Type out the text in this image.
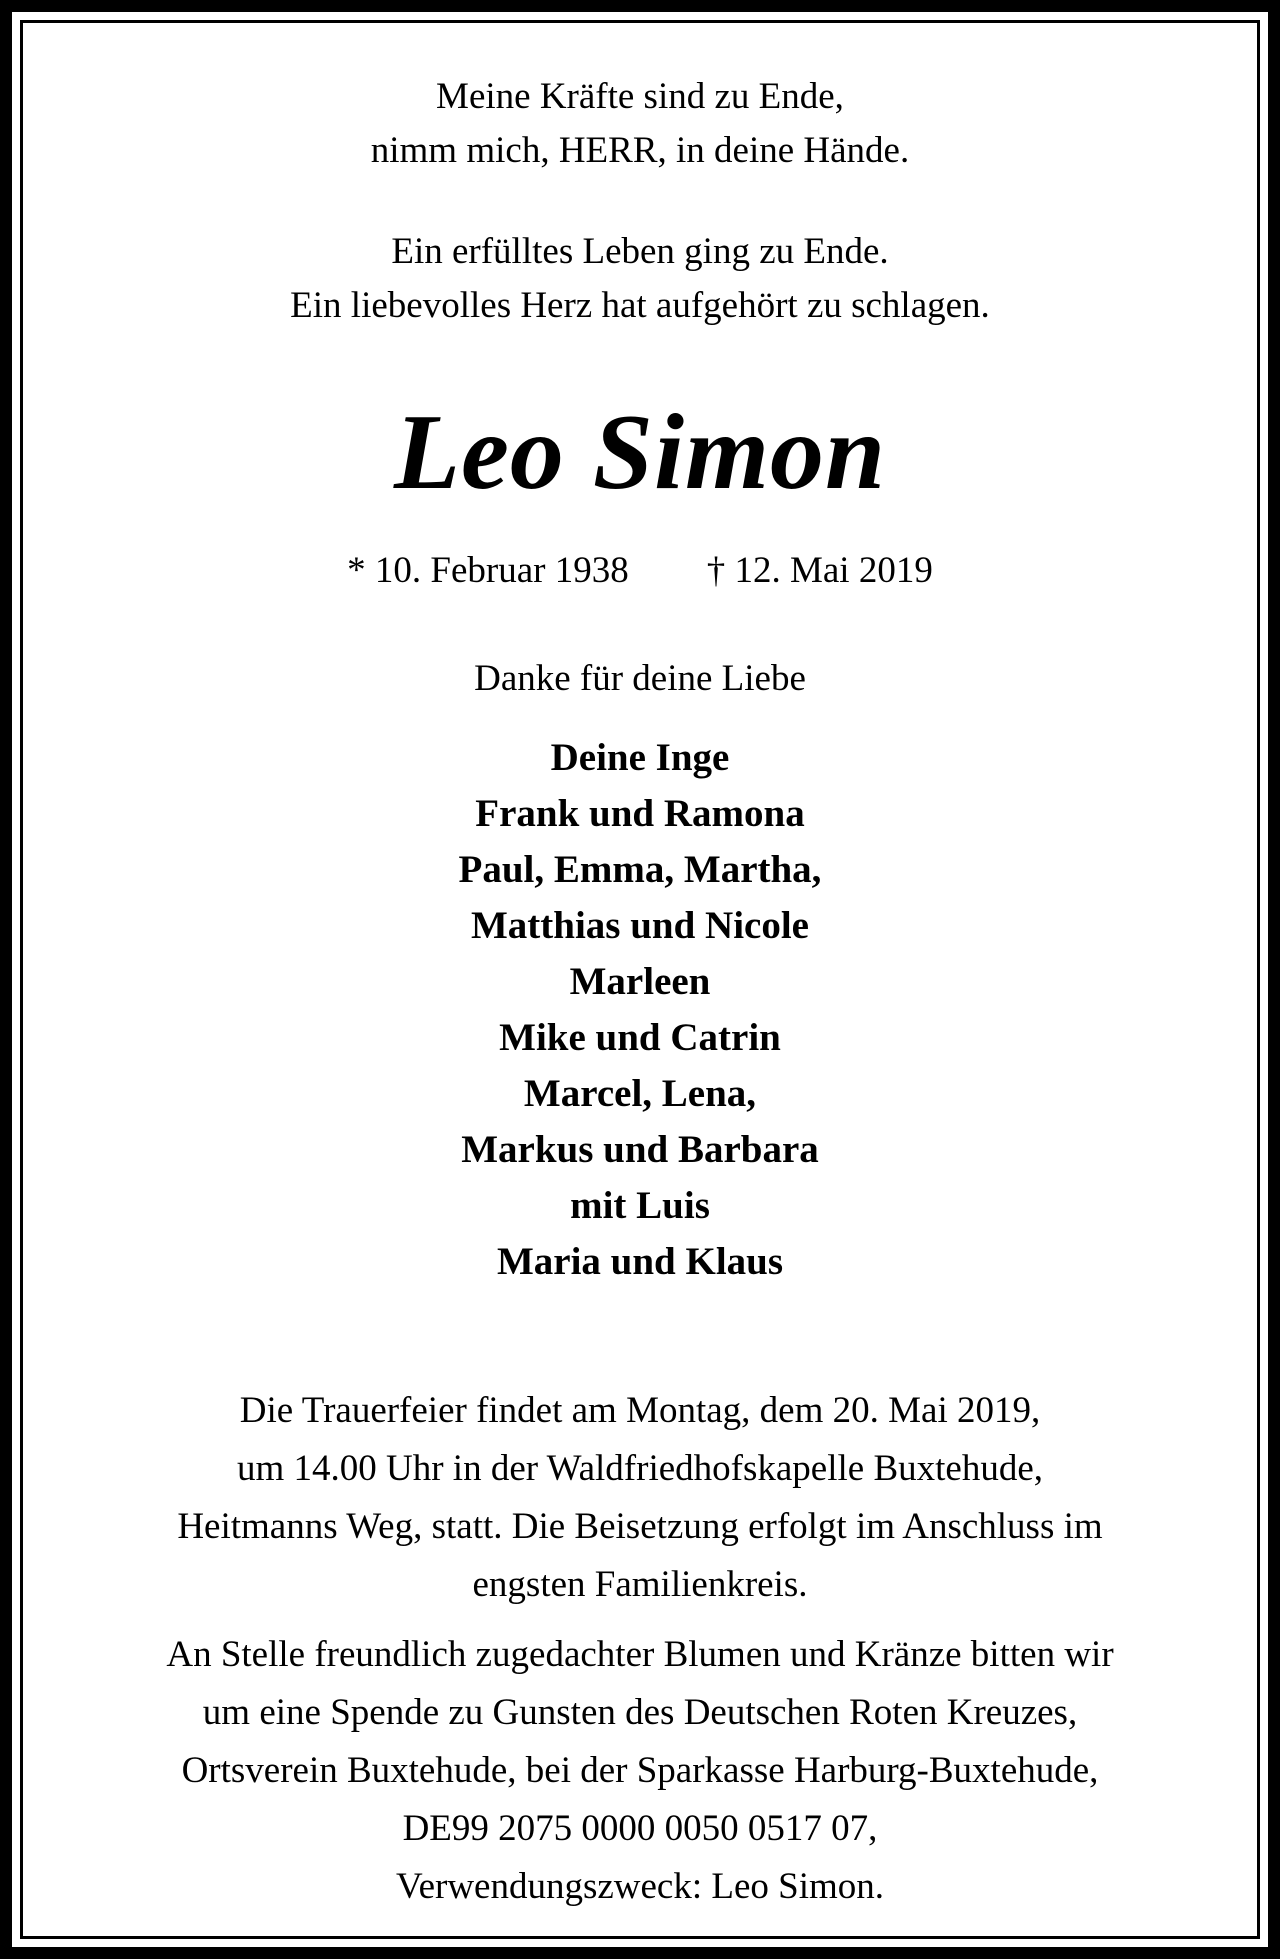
Meine Kräfte sind zu Ende,
nimm mich, HERR, in deine Hände.
Ein erfülltes Leben ging zu Ende.
Ein liebevolles Herz hat aufgehört zu schlagen.
Leo Simon
* 10. Februar 1938 † 12. Mai 2019
Danke für deine Liebe
Deine Inge
Frank und Ramona
Paul, Emma, Martha,
Matthias und Nicole
Marleen
Mike und Catrin
Marcel, Lena,
Markus und Barbara
mit Luis
Maria und Klaus
Die Trauerfeier findet am Montag, dem 20. Mai 2019,
um 14.00 Uhr in der Waldfriedhofskapelle Buxtehude,
Heitmanns Weg, statt. Die Beisetzung erfolgt im Anschluss im
engsten Familienkreis.
An Stelle freundlich zugedachter Blumen und Kränze bitten wir
um eine Spende zu Gunsten des Deutschen Roten Kreuzes,
Ortsverein Buxtehude, bei der Sparkasse Harburg-Buxtehude,
DE99 2075 0000 0050 0517 07,
Verwendungszweck: Leo Simon.
